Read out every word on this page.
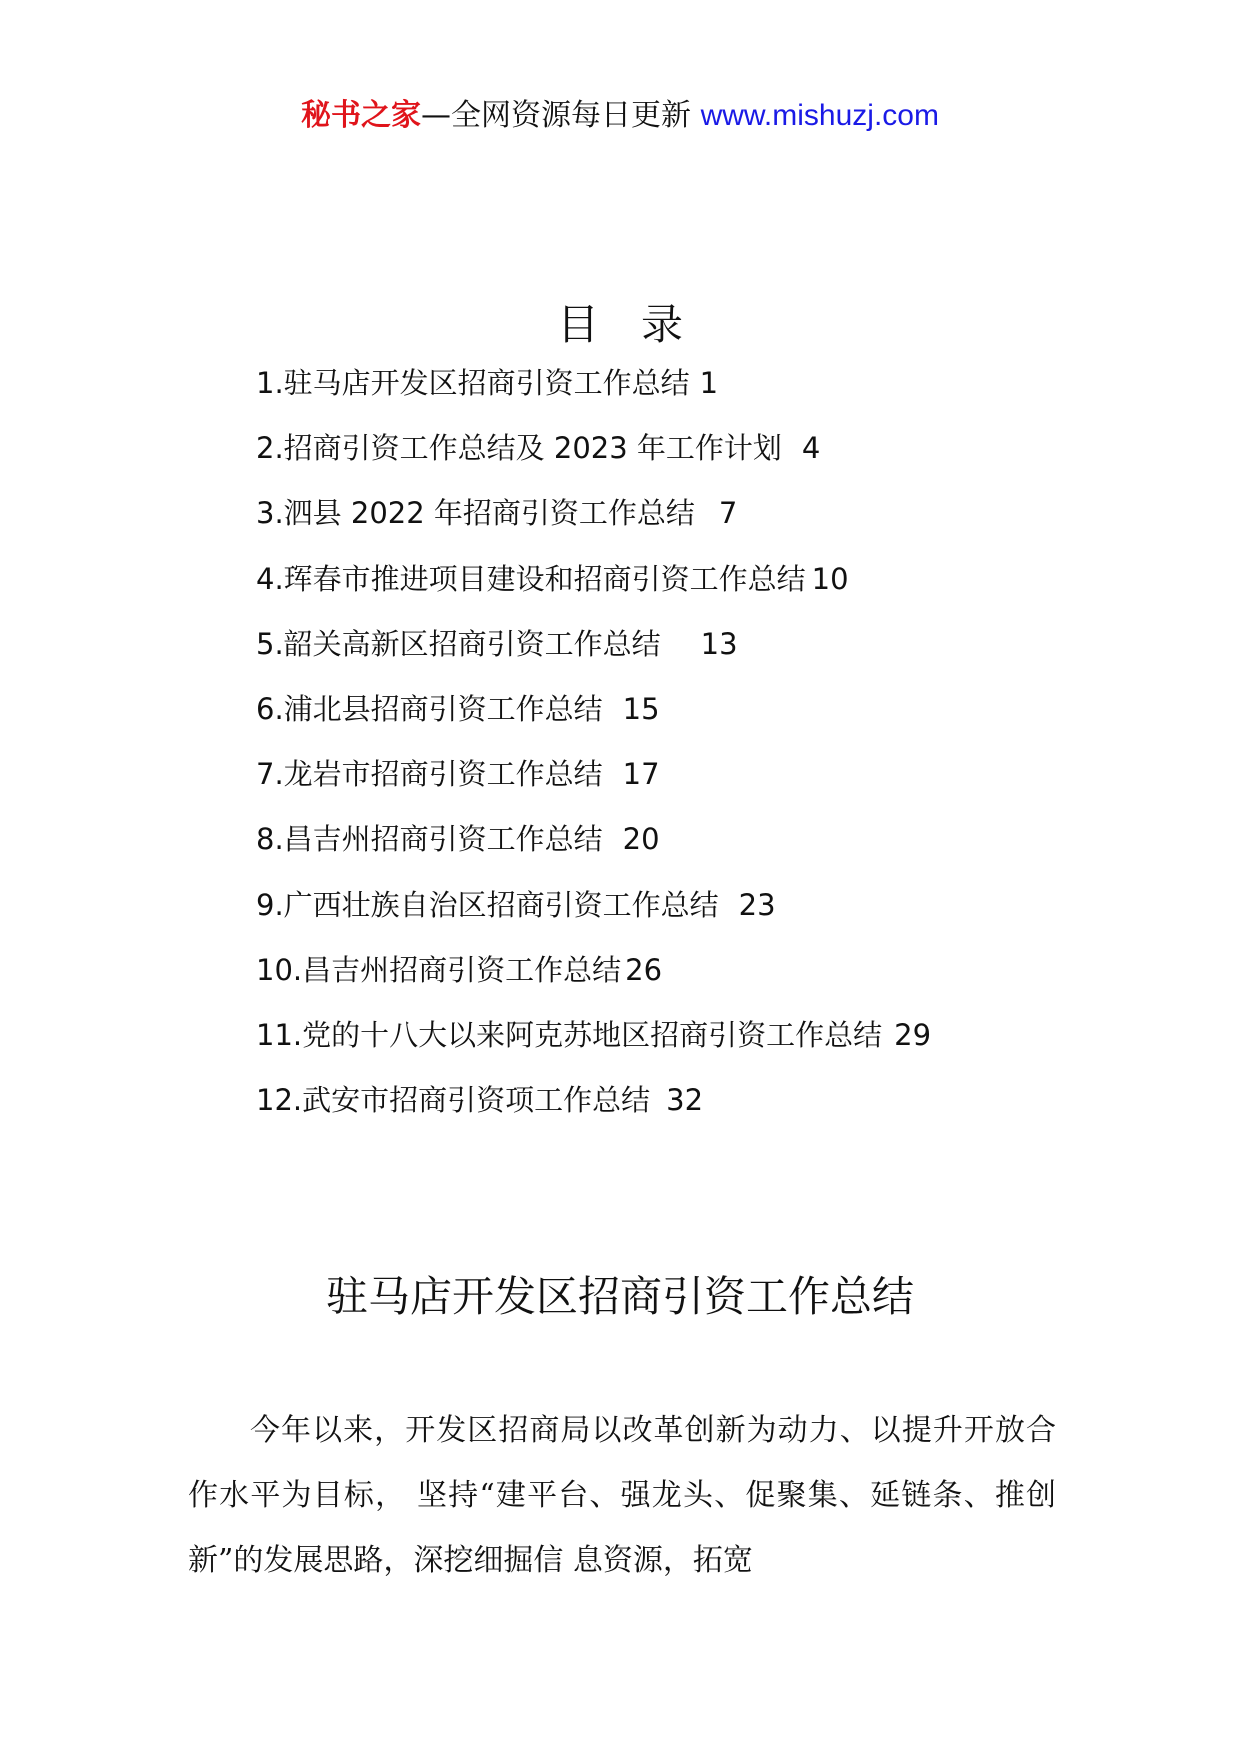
秘书之家—全网资源每日更新 www.mishuzj.com
目　录
1.驻马店开发区招商引资工作总结 1
2.招商引资工作总结及 2023 年工作计划 4
3.泗县 2022 年招商引资工作总结 7
4.珲春市推进项目建设和招商引资工作总结 10
5.韶关高新区招商引资工作总结 13
6.浦北县招商引资工作总结 15
7.龙岩市招商引资工作总结 17
8.昌吉州招商引资工作总结 20
9.广西壮族自治区招商引资工作总结 23
10.昌吉州招商引资工作总结 26
11.党的十八大以来阿克苏地区招商引资工作总结 29
12.武安市招商引资项工作总结 32
驻马店开发区招商引资工作总结

今年以来，开发区招商局以改革创新为动力、以提升开放合作水平为目标， 坚持“建平台、强龙头、促聚集、延链条、推创新”的发展思路，深挖细掘信 息资源，拓宽
